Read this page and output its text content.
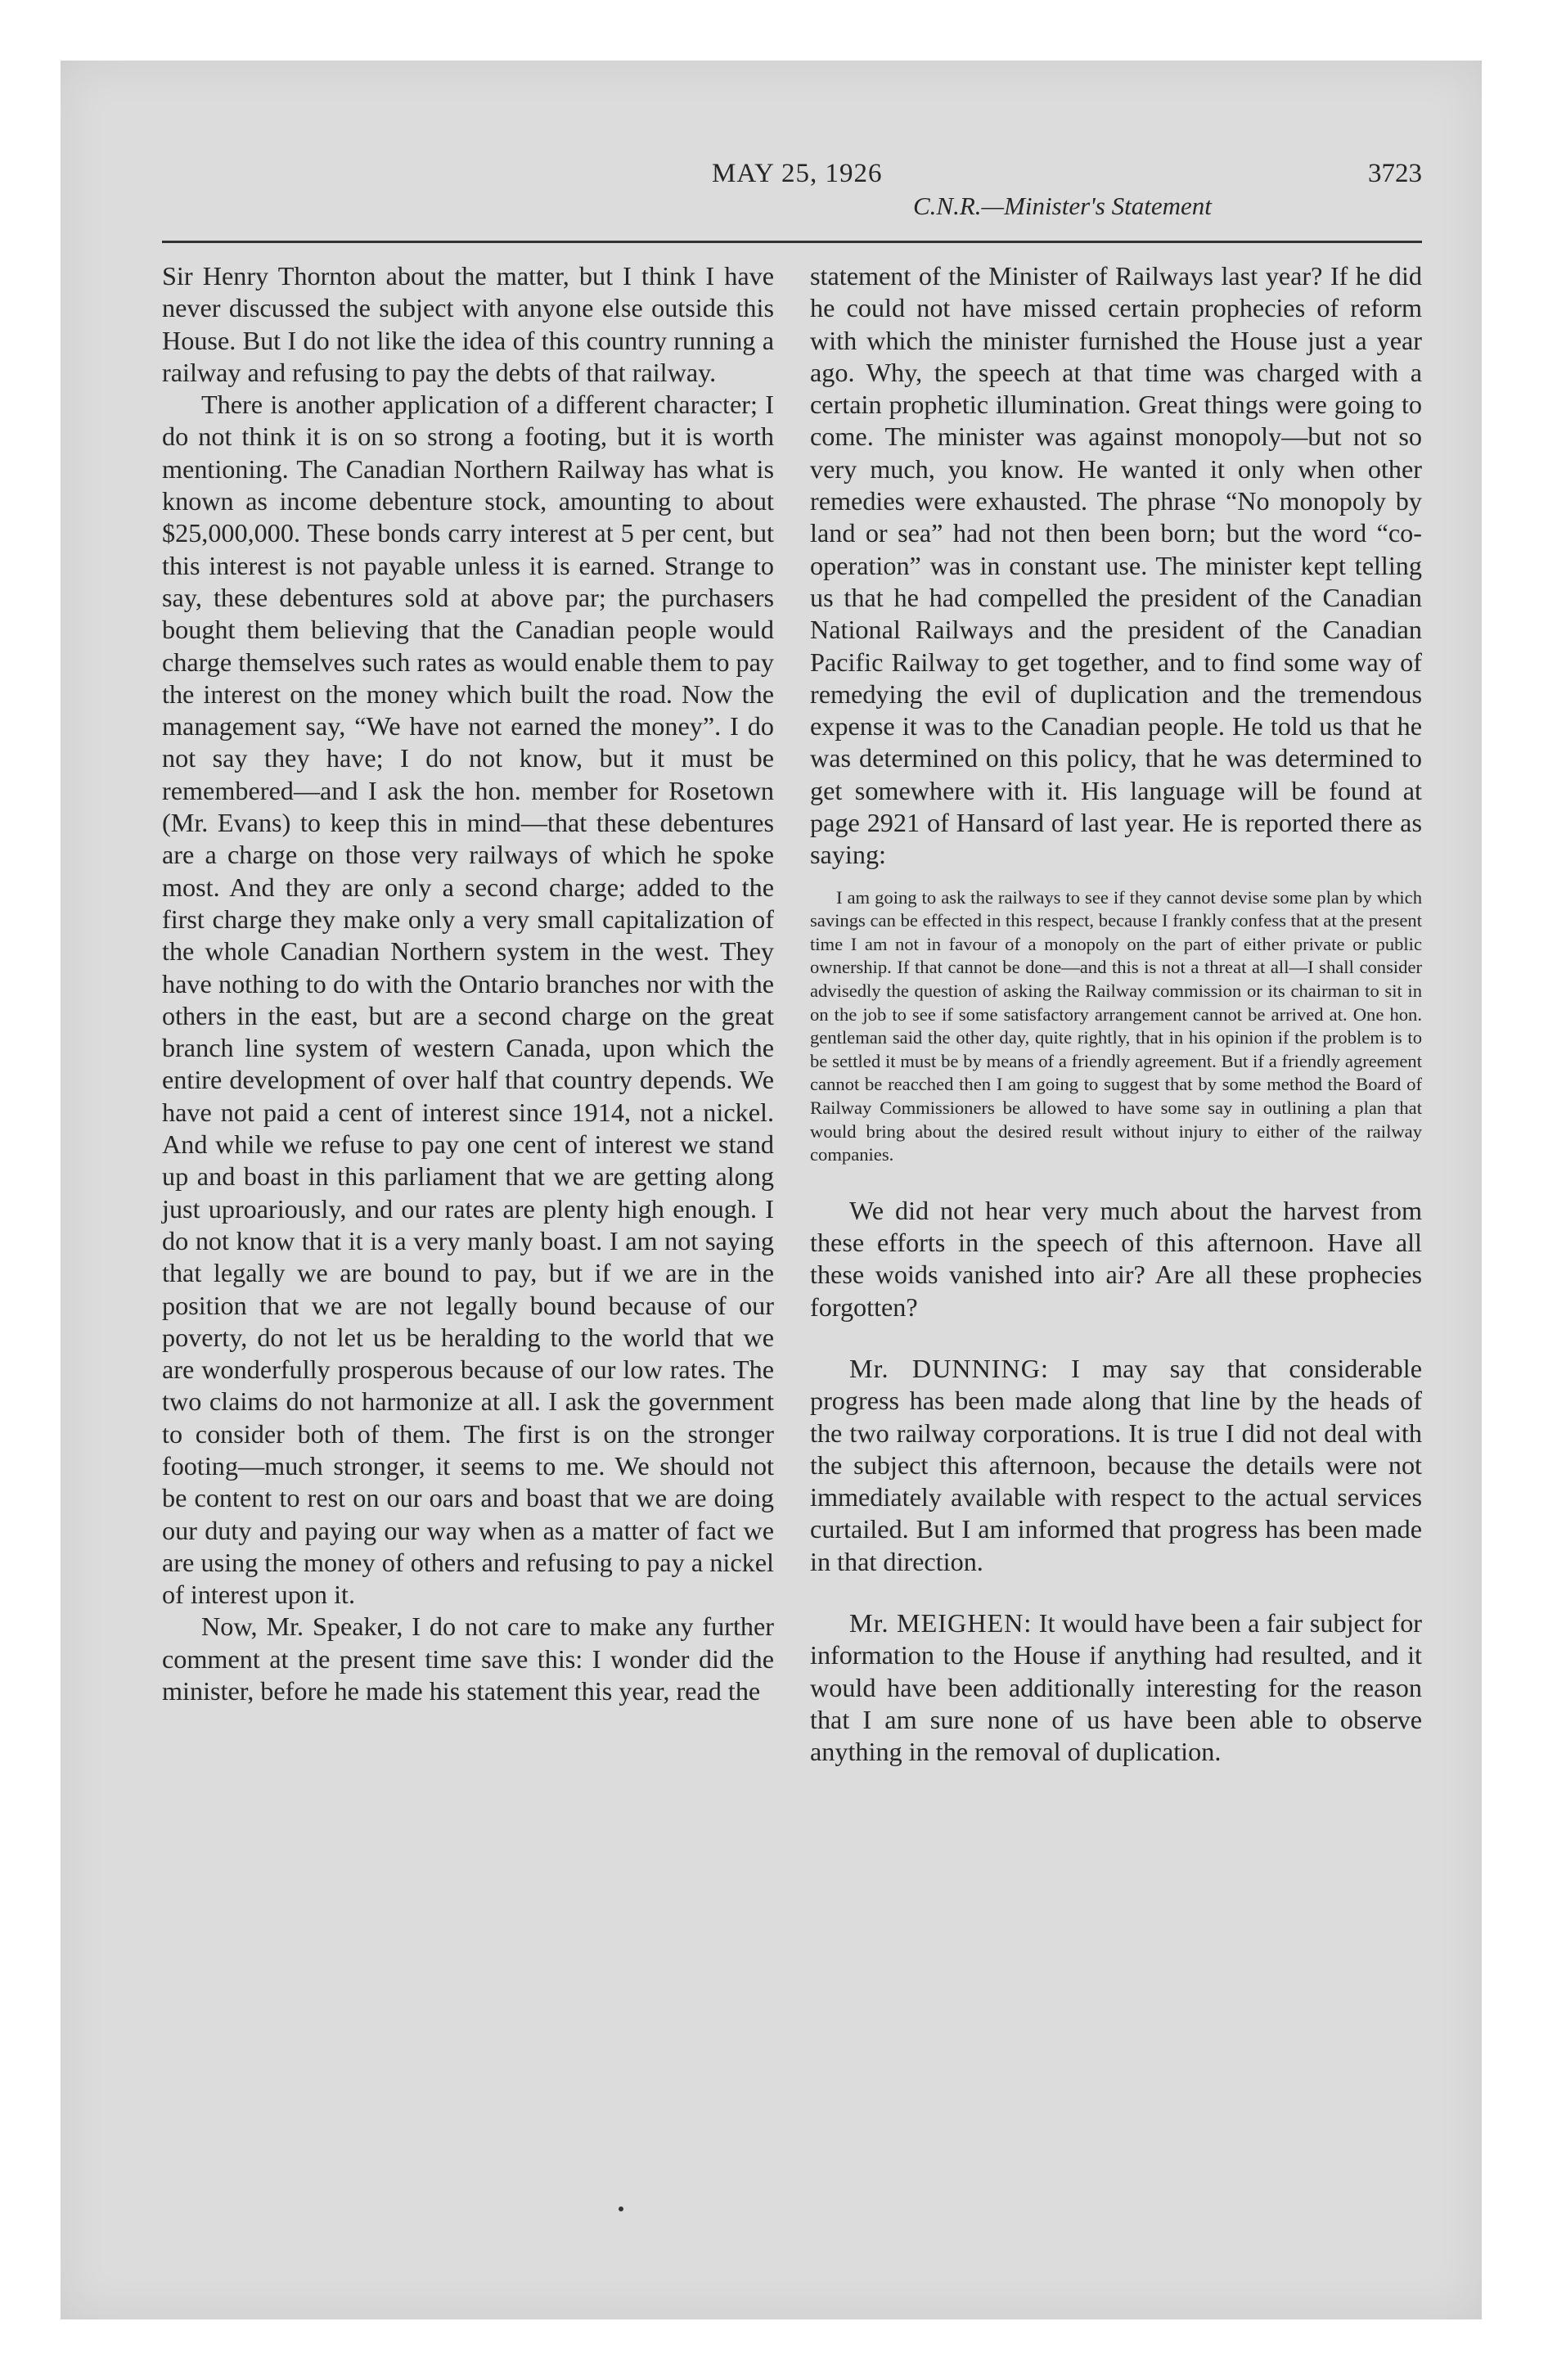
MAY 25, 1926
C.N.R.—Minister's Statement
3723

Sir Henry Thornton about the matter, but I think I have never discussed the subject with anyone else outside this House. But I do not like the idea of this country running a railway and refusing to pay the debts of that railway.

There is another application of a different character; I do not think it is on so strong a footing, but it is worth mentioning. The Canadian Northern Railway has what is known as income debenture stock, amounting to about $25,000,000. These bonds carry interest at 5 per cent, but this interest is not payable unless it is earned. Strange to say, these debentures sold at above par; the purchasers bought them believing that the Canadian people would charge themselves such rates as would enable them to pay the interest on the money which built the road. Now the management say, “We have not earned the money”. I do not say they have; I do not know, but it must be remembered—and I ask the hon. member for Rosetown (Mr. Evans) to keep this in mind—that these debentures are a charge on those very railways of which he spoke most. And they are only a second charge; added to the first charge they make only a very small capitalization of the whole Canadian Northern system in the west. They have nothing to do with the Ontario branches nor with the others in the east, but are a second charge on the great branch line system of western Canada, upon which the entire development of over half that country depends. We have not paid a cent of interest since 1914, not a nickel. And while we refuse to pay one cent of interest we stand up and boast in this parliament that we are getting along just uproariously, and our rates are plenty high enough. I do not know that it is a very manly boast. I am not saying that legally we are bound to pay, but if we are in the position that we are not legally bound because of our poverty, do not let us be heralding to the world that we are wonderfully prosperous because of our low rates. The two claims do not harmonize at all. I ask the government to consider both of them. The first is on the stronger footing—much stronger, it seems to me. We should not be content to rest on our oars and boast that we are doing our duty and paying our way when as a matter of fact we are using the money of others and refusing to pay a nickel of interest upon it.

Now, Mr. Speaker, I do not care to make any further comment at the present time save this: I wonder did the minister, before he made his statement this year, read the

statement of the Minister of Railways last year? If he did he could not have missed certain prophecies of reform with which the minister furnished the House just a year ago. Why, the speech at that time was charged with a certain prophetic illumination. Great things were going to come. The minister was against monopoly—but not so very much, you know. He wanted it only when other remedies were exhausted. The phrase “No monopoly by land or sea” had not then been born; but the word “co-operation” was in constant use. The minister kept telling us that he had compelled the president of the Canadian National Railways and the president of the Canadian Pacific Railway to get together, and to find some way of remedying the evil of duplication and the tremendous expense it was to the Canadian people. He told us that he was determined on this policy, that he was determined to get somewhere with it. His language will be found at page 2921 of Hansard of last year. He is reported there as saying:

I am going to ask the railways to see if they cannot devise some plan by which savings can be effected in this respect, because I frankly confess that at the present time I am not in favour of a monopoly on the part of either private or public ownership. If that cannot be done—and this is not a threat at all—I shall consider advisedly the question of asking the Railway commission or its chairman to sit in on the job to see if some satisfactory arrangement cannot be arrived at. One hon. gentleman said the other day, quite rightly, that in his opinion if the problem is to be settled it must be by means of a friendly agreement. But if a friendly agreement cannot be reacched then I am going to suggest that by some method the Board of Railway Commissioners be allowed to have some say in outlining a plan that would bring about the desired result without injury to either of the railway companies.

We did not hear very much about the harvest from these efforts in the speech of this afternoon. Have all these woids vanished into air? Are all these prophecies forgotten?

Mr. DUNNING: I may say that considerable progress has been made along that line by the heads of the two railway corporations. It is true I did not deal with the subject this afternoon, because the details were not immediately available with respect to the actual services curtailed. But I am informed that progress has been made in that direction.

Mr. MEIGHEN: It would have been a fair subject for information to the House if anything had resulted, and it would have been additionally interesting for the reason that I am sure none of us have been able to observe anything in the removal of duplication.
